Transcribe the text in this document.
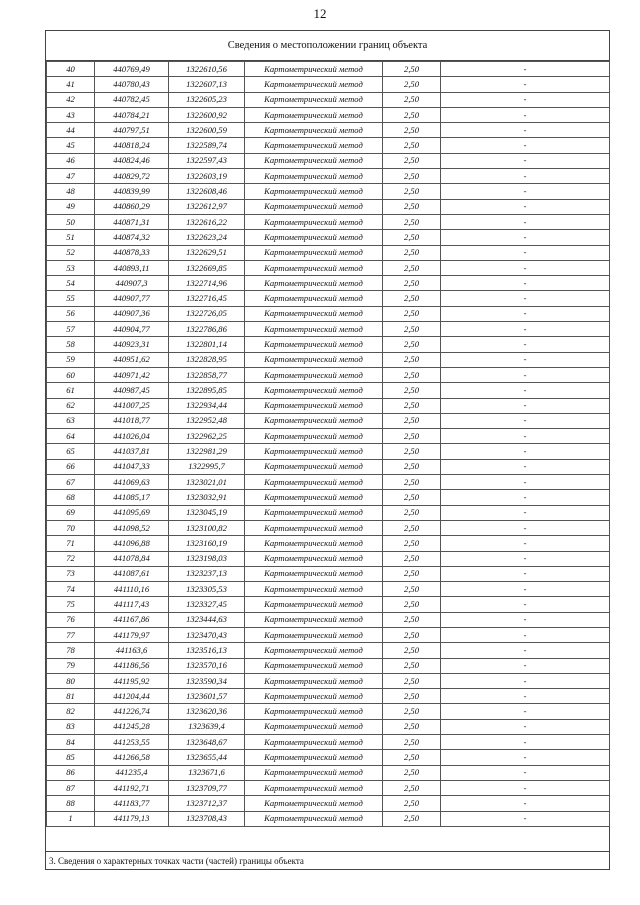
12
Сведения о местоположении границ объекта
40	440769,49	1322610,56	Картометрический метод	2,50	-
41	440780,43	1322607,13	Картометрический метод	2,50	-
42	440782,45	1322605,23	Картометрический метод	2,50	-
43	440784,21	1322600,92	Картометрический метод	2,50	-
44	440797,51	1322600,59	Картометрический метод	2,50	-
45	440818,24	1322589,74	Картометрический метод	2,50	-
46	440824,46	1322597,43	Картометрический метод	2,50	-
47	440829,72	1322603,19	Картометрический метод	2,50	-
48	440839,99	1322608,46	Картометрический метод	2,50	-
49	440860,29	1322612,97	Картометрический метод	2,50	-
50	440871,31	1322616,22	Картометрический метод	2,50	-
51	440874,32	1322623,24	Картометрический метод	2,50	-
52	440878,33	1322629,51	Картометрический метод	2,50	-
53	440893,11	1322669,85	Картометрический метод	2,50	-
54	440907,3	1322714,96	Картометрический метод	2,50	-
55	440907,77	1322716,45	Картометрический метод	2,50	-
56	440907,36	1322726,05	Картометрический метод	2,50	-
57	440904,77	1322786,86	Картометрический метод	2,50	-
58	440923,31	1322801,14	Картометрический метод	2,50	-
59	440951,62	1322828,95	Картометрический метод	2,50	-
60	440971,42	1322858,77	Картометрический метод	2,50	-
61	440987,45	1322895,85	Картометрический метод	2,50	-
62	441007,25	1322934,44	Картометрический метод	2,50	-
63	441018,77	1322952,48	Картометрический метод	2,50	-
64	441026,04	1322962,25	Картометрический метод	2,50	-
65	441037,81	1322981,29	Картометрический метод	2,50	-
66	441047,33	1322995,7	Картометрический метод	2,50	-
67	441069,63	1323021,01	Картометрический метод	2,50	-
68	441085,17	1323032,91	Картометрический метод	2,50	-
69	441095,69	1323045,19	Картометрический метод	2,50	-
70	441098,52	1323100,82	Картометрический метод	2,50	-
71	441096,88	1323160,19	Картометрический метод	2,50	-
72	441078,84	1323198,03	Картометрический метод	2,50	-
73	441087,61	1323237,13	Картометрический метод	2,50	-
74	441110,16	1323305,53	Картометрический метод	2,50	-
75	441117,43	1323327,45	Картометрический метод	2,50	-
76	441167,86	1323444,63	Картометрический метод	2,50	-
77	441179,97	1323470,43	Картометрический метод	2,50	-
78	441163,6	1323516,13	Картометрический метод	2,50	-
79	441186,56	1323570,16	Картометрический метод	2,50	-
80	441195,92	1323590,34	Картометрический метод	2,50	-
81	441204,44	1323601,57	Картометрический метод	2,50	-
82	441226,74	1323620,36	Картометрический метод	2,50	-
83	441245,28	1323639,4	Картометрический метод	2,50	-
84	441253,55	1323648,67	Картометрический метод	2,50	-
85	441266,58	1323655,44	Картометрический метод	2,50	-
86	441235,4	1323671,6	Картометрический метод	2,50	-
87	441192,71	1323709,77	Картометрический метод	2,50	-
88	441183,77	1323712,37	Картометрический метод	2,50	-
1	441179,13	1323708,43	Картометрический метод	2,50	-
3. Сведения о характерных точках части (частей) границы объекта
